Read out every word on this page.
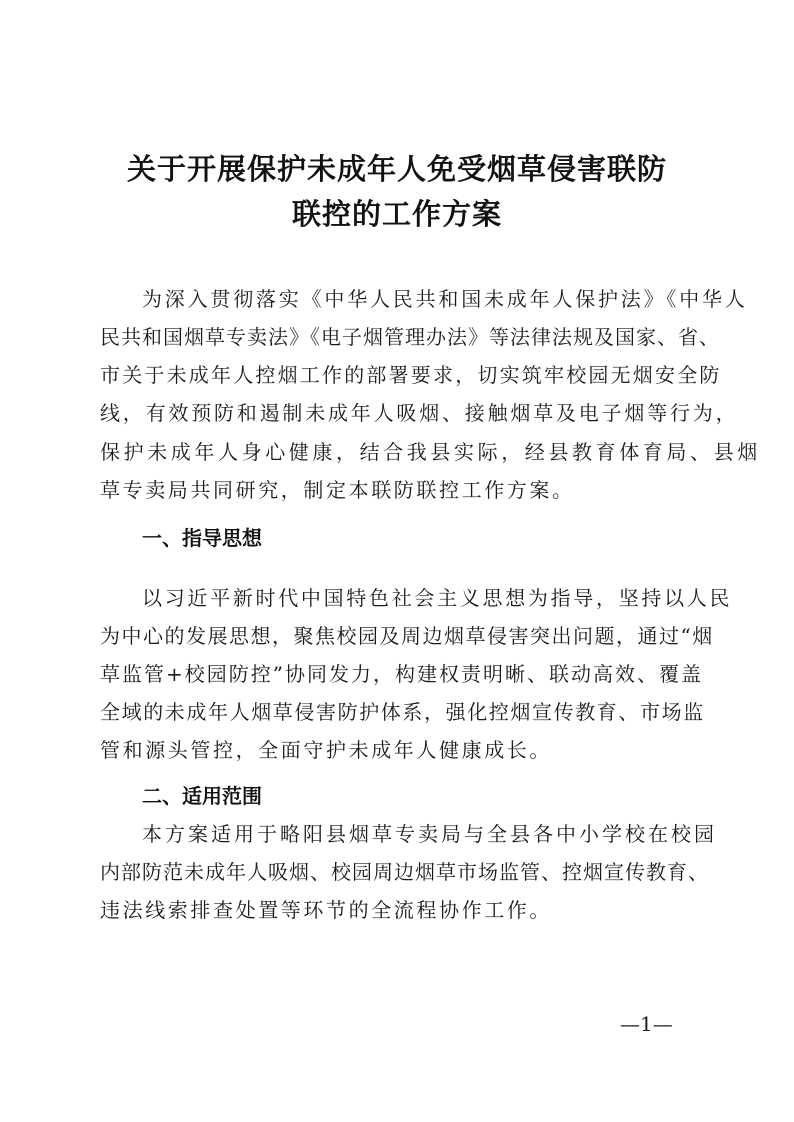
关于开展保护未成年人免受烟草侵害联防
联控的工作方案
为深入贯彻落实《中华人民共和国未成年人保护法》《中华人
民共和国烟草专卖法》《电子烟管理办法》等法律法规及国家、省、
市关于未成年人控烟工作的部署要求，切实筑牢校园无烟安全防
线，有效预防和遏制未成年人吸烟、接触烟草及电子烟等行为，
保护未成年人身心健康，结合我县实际，经县教育体育局、县烟
草专卖局共同研究，制定本联防联控工作方案。
一、指导思想
以习近平新时代中国特色社会主义思想为指导，坚持以人民
为中心的发展思想，聚焦校园及周边烟草侵害突出问题，通过“烟
草监管+校园防控”协同发力，构建权责明晰、联动高效、覆盖
全域的未成年人烟草侵害防护体系，强化控烟宣传教育、市场监
管和源头管控，全面守护未成年人健康成长。
二、适用范围
本方案适用于略阳县烟草专卖局与全县各中小学校在校园
内部防范未成年人吸烟、校园周边烟草市场监管、控烟宣传教育、
违法线索排查处置等环节的全流程协作工作。
—1—
